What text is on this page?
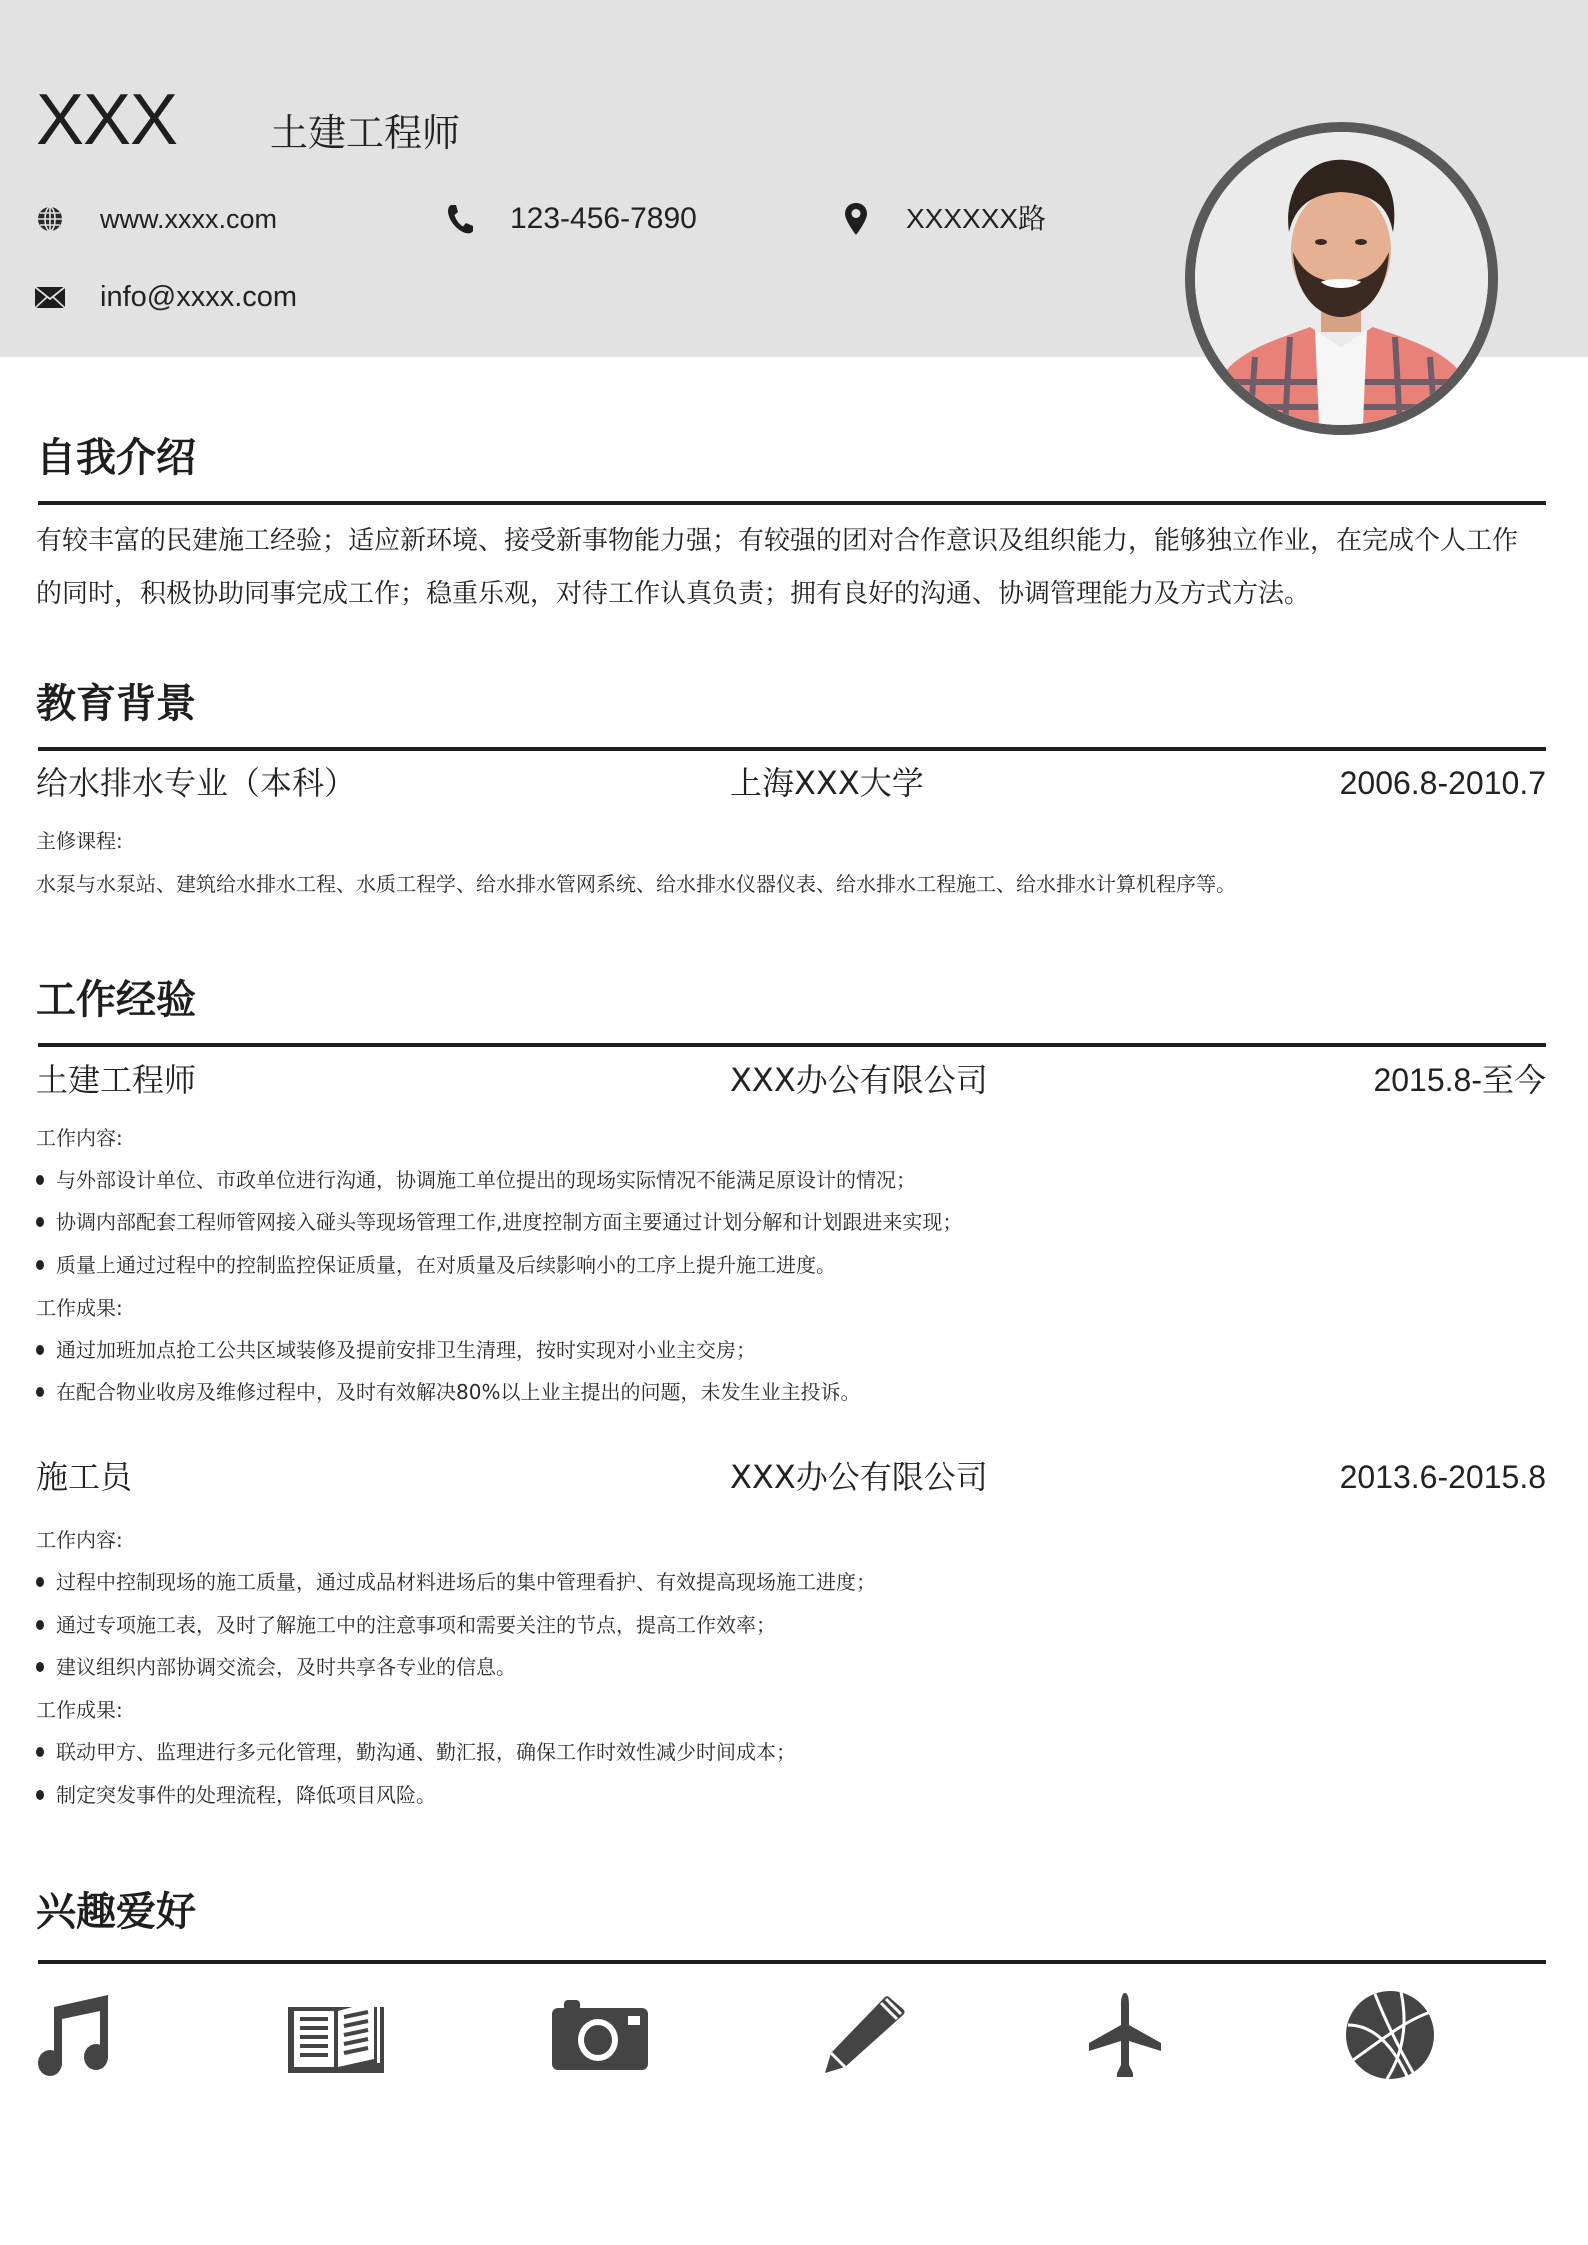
XXX 土建工程师
www.xxxx.com	123-456-7890	XXXXXX路
info@xxxx.com
自我介绍
有较丰富的民建施工经验；适应新环境、接受新事物能力强；有较强的团对合作意识及组织能力，能够独立作业，在完成个人工作
的同时，积极协助同事完成工作；稳重乐观，对待工作认真负责；拥有良好的沟通、协调管理能力及方式方法。
教育背景
给水排水专业（本科）	上海XXX大学	2006.8-2010.7
主修课程:
水泵与水泵站、建筑给水排水工程、水质工程学、给水排水管网系统、给水排水仪器仪表、给水排水工程施工、给水排水计算机程序等。
工作经验
土建工程师	XXX办公有限公司	2015.8-至今
工作内容:
与外部设计单位、市政单位进行沟通，协调施工单位提出的现场实际情况不能满足原设计的情况；
协调内部配套工程师管网接入碰头等现场管理工作,进度控制方面主要通过计划分解和计划跟进来实现；
质量上通过过程中的控制监控保证质量，在对质量及后续影响小的工序上提升施工进度。
工作成果:
通过加班加点抢工公共区域装修及提前安排卫生清理，按时实现对小业主交房；
在配合物业收房及维修过程中，及时有效解决80%以上业主提出的问题，未发生业主投诉。
施工员	XXX办公有限公司	2013.6-2015.8
工作内容:
过程中控制现场的施工质量，通过成品材料进场后的集中管理看护、有效提高现场施工进度；
通过专项施工表，及时了解施工中的注意事项和需要关注的节点，提高工作效率；
建议组织内部协调交流会，及时共享各专业的信息。
工作成果:
联动甲方、监理进行多元化管理，勤沟通、勤汇报，确保工作时效性减少时间成本；
制定突发事件的处理流程，降低项目风险。
兴趣爱好
